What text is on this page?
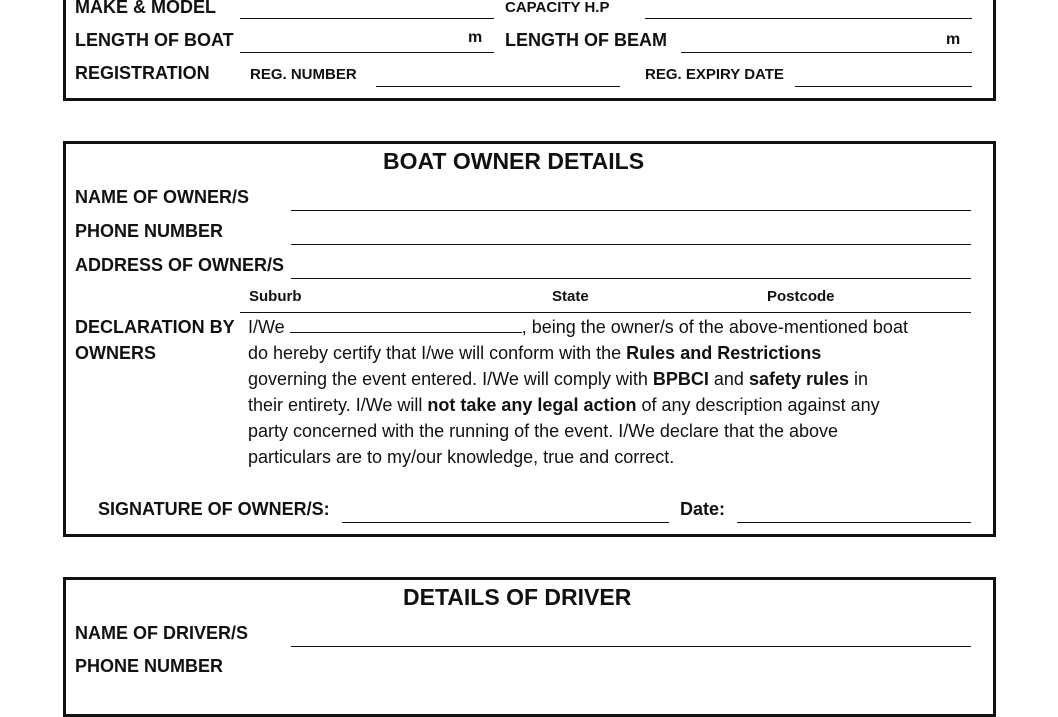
MAKE & MODEL	CAPACITY H.P
LENGTH OF BOAT	m LENGTH OF BEAM	m
REGISTRATION	REG. NUMBER	REG. EXPIRY DATE
BOAT OWNER DETAILS
NAME OF OWNER/S
PHONE NUMBER
ADDRESS OF OWNER/S
Suburb	State	Postcode
DECLARATION BY
OWNERS
I/We	, being the owner/s of the above-mentioned boat
do hereby certify that I/we will conform with the Rules and Restrictions
governing the event entered. I/We will comply with BPBCI and safety rules in
their entirety. I/We will not take any legal action of any description against any
party concerned with the running of the event. I/We declare that the above
particulars are to my/our knowledge, true and correct.
SIGNATURE OF OWNER/S:	Date:
DETAILS OF DRIVER
NAME OF DRIVER/S
PHONE NUMBER
